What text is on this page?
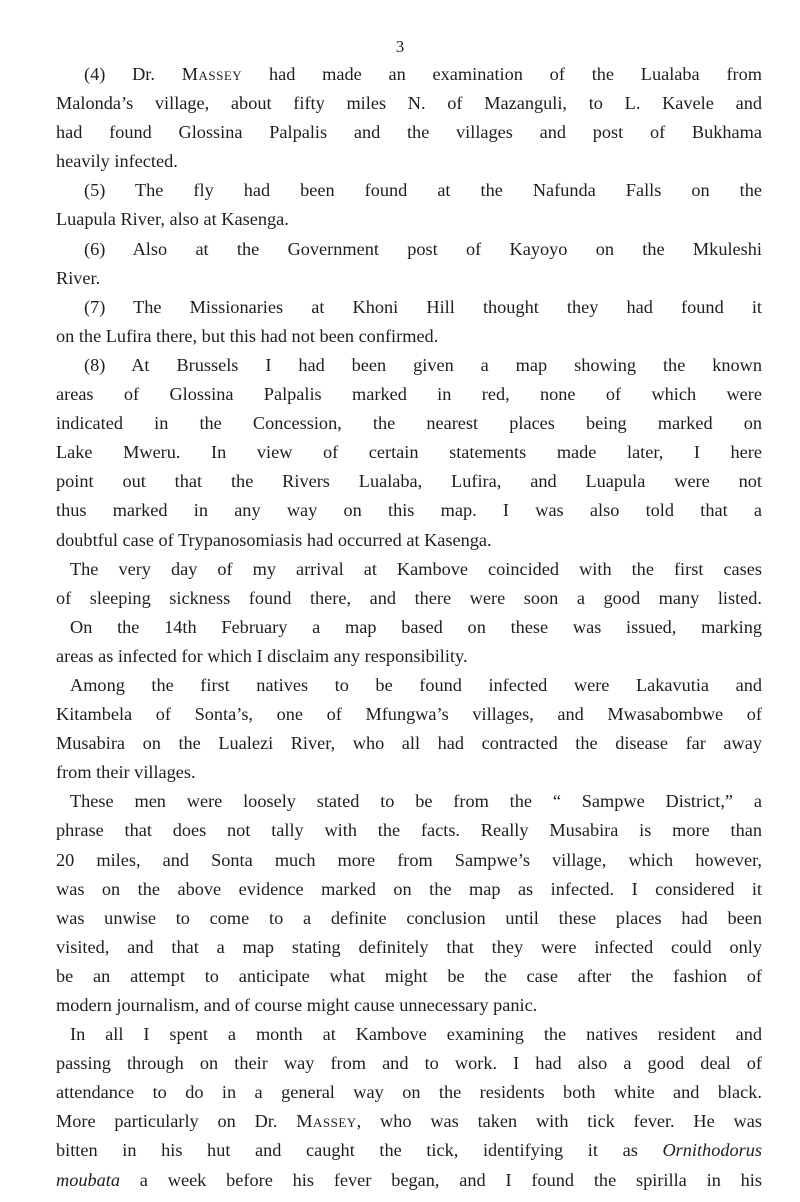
3
(4) Dr. Massey had made an examination of the Lualaba from
Malonda’s village, about fifty miles N. of Mazanguli, to L. Kavele and
had found Glossina Palpalis and the villages and post of Bukhama
heavily infected.
(5) The fly had been found at the Nafunda Falls on the
Luapula River, also at Kasenga.
(6) Also at the Government post of Kayoyo on the Mkuleshi
River.
(7) The Missionaries at Khoni Hill thought they had found it
on the Lufira there, but this had not been confirmed.
(8) At Brussels I had been given a map showing the known
areas of Glossina Palpalis marked in red, none of which were
indicated in the Concession, the nearest places being marked on
Lake Mweru. In view of certain statements made later, I here
point out that the Rivers Lualaba, Lufira, and Luapula were not
thus marked in any way on this map. I was also told that a
doubtful case of Trypanosomiasis had occurred at Kasenga.
The very day of my arrival at Kambove coincided with the first cases
of sleeping sickness found there, and there were soon a good many listed.
On the 14th February a map based on these was issued, marking
areas as infected for which I disclaim any responsibility.
Among the first natives to be found infected were Lakavutia and
Kitambela of Sonta’s, one of Mfungwa’s villages, and Mwasabombwe of
Musabira on the Lualezi River, who all had contracted the disease far away
from their villages.
These men were loosely stated to be from the “ Sampwe District,” a
phrase that does not tally with the facts. Really Musabira is more than
20 miles, and Sonta much more from Sampwe’s village, which however,
was on the above evidence marked on the map as infected. I considered it
was unwise to come to a definite conclusion until these places had been
visited, and that a map stating definitely that they were infected could only
be an attempt to anticipate what might be the case after the fashion of
modern journalism, and of course might cause unnecessary panic.
In all I spent a month at Kambove examining the natives resident and
passing through on their way from and to work. I had also a good deal of
attendance to do in a general way on the residents both white and black.
More particularly on Dr. Massey, who was taken with tick fever. He was
bitten in his hut and caught the tick, identifying it as Ornithodorus
moubata a week before his fever began, and I found the spirilla in his
